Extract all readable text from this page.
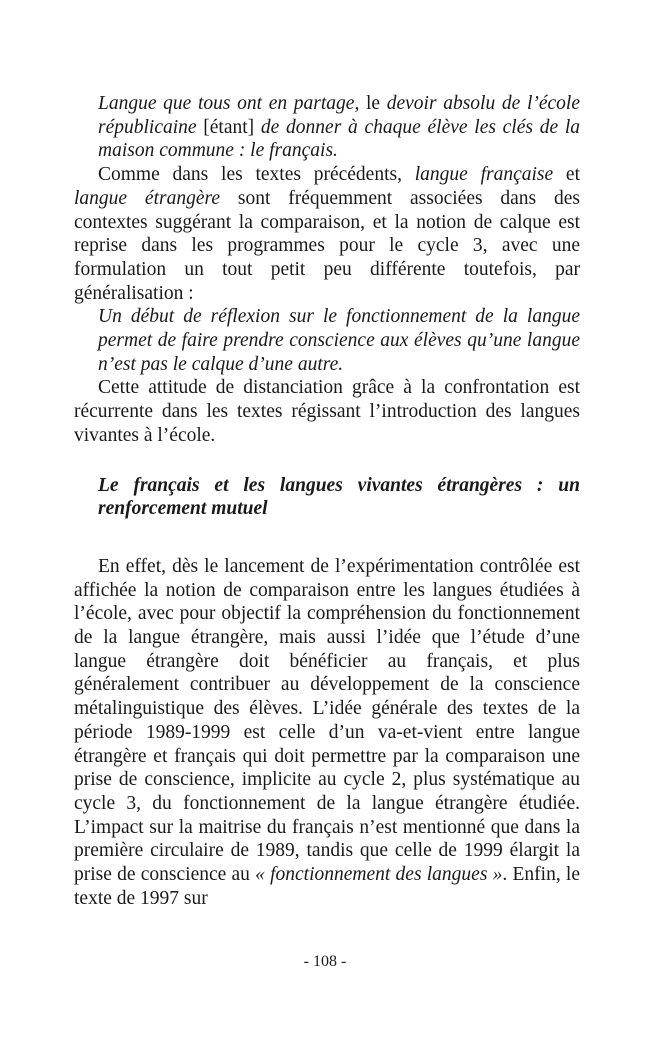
Langue que tous ont en partage, le devoir absolu de l’école républicaine [étant] de donner à chaque élève les clés de la maison commune : le français.

Comme dans les textes précédents, langue française et langue étrangère sont fréquemment associées dans des contextes suggérant la comparaison, et la notion de calque est reprise dans les programmes pour le cycle 3, avec une formulation un tout petit peu différente toutefois, par généralisation :

Un début de réflexion sur le fonctionnement de la langue permet de faire prendre conscience aux élèves qu’une langue n’est pas le calque d’une autre.

Cette attitude de distanciation grâce à la confrontation est récurrente dans les textes régissant l’introduction des langues vivantes à l’école.

Le français et les langues vivantes étrangères : un renforcement mutuel

En effet, dès le lancement de l’expérimentation contrôlée est affichée la notion de comparaison entre les langues étudiées à l’école, avec pour objectif la compréhension du fonctionnement de la langue étrangère, mais aussi l’idée que l’étude d’une langue étrangère doit bénéficier au français, et plus généralement contribuer au développement de la conscience métalinguistique des élèves. L’idée générale des textes de la période 1989-1999 est celle d’un va-et-vient entre langue étrangère et français qui doit permettre par la comparaison une prise de conscience, implicite au cycle 2, plus systématique au cycle 3, du fonctionnement de la langue étrangère étudiée. L’impact sur la maitrise du français n’est mentionné que dans la première circulaire de 1989, tandis que celle de 1999 élargit la prise de conscience au « fonctionnement des langues ». Enfin, le texte de 1997 sur

- 108 -
